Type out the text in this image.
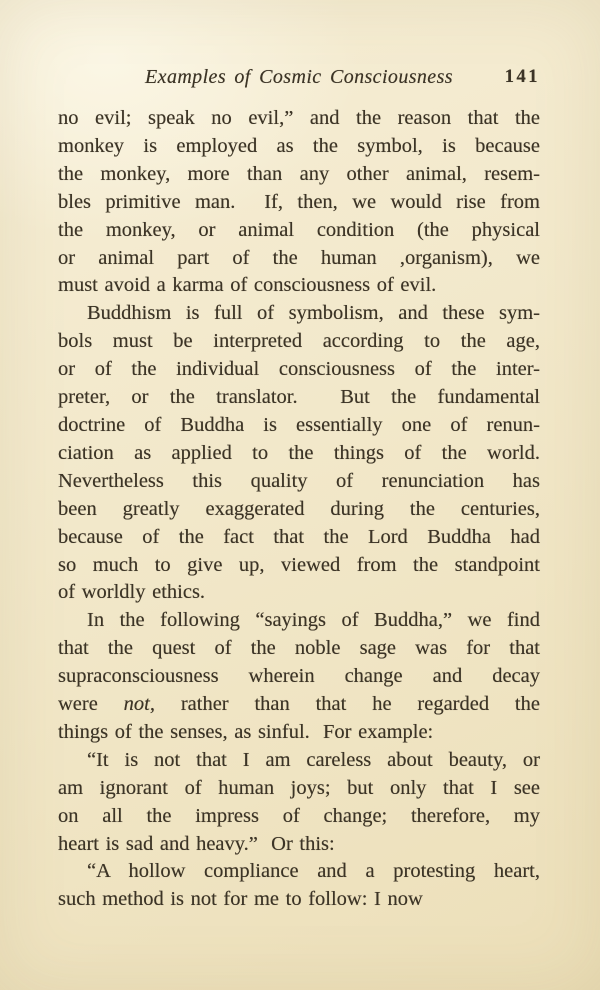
Examples of Cosmic Consciousness	141
no evil; speak no evil,” and the reason that the
monkey is employed as the symbol, is because
the monkey, more than any other animal, resem-
bles primitive man.  If, then, we would rise from
the monkey, or animal condition (the physical
or animal part of the human ,organism), we
must avoid a karma of consciousness of evil.
Buddhism is full of symbolism, and these sym-
bols must be interpreted according to the age,
or of the individual consciousness of the inter-
preter, or the translator.  But the fundamental
doctrine of Buddha is essentially one of renun-
ciation as applied to the things of the world.
Nevertheless this quality of renunciation has
been greatly exaggerated during the centuries,
because of the fact that the Lord Buddha had
so much to give up, viewed from the standpoint
of worldly ethics.
In the following “sayings of Buddha,” we find
that the quest of the noble sage was for that
supraconsciousness wherein change and decay
were not, rather than that he regarded the
things of the senses, as sinful.  For example:
“It is not that I am careless about beauty, or
am ignorant of human joys; but only that I see
on all the impress of change; therefore, my
heart is sad and heavy.”  Or this:
“A hollow compliance and a protesting heart,
such method is not for me to follow: I now
